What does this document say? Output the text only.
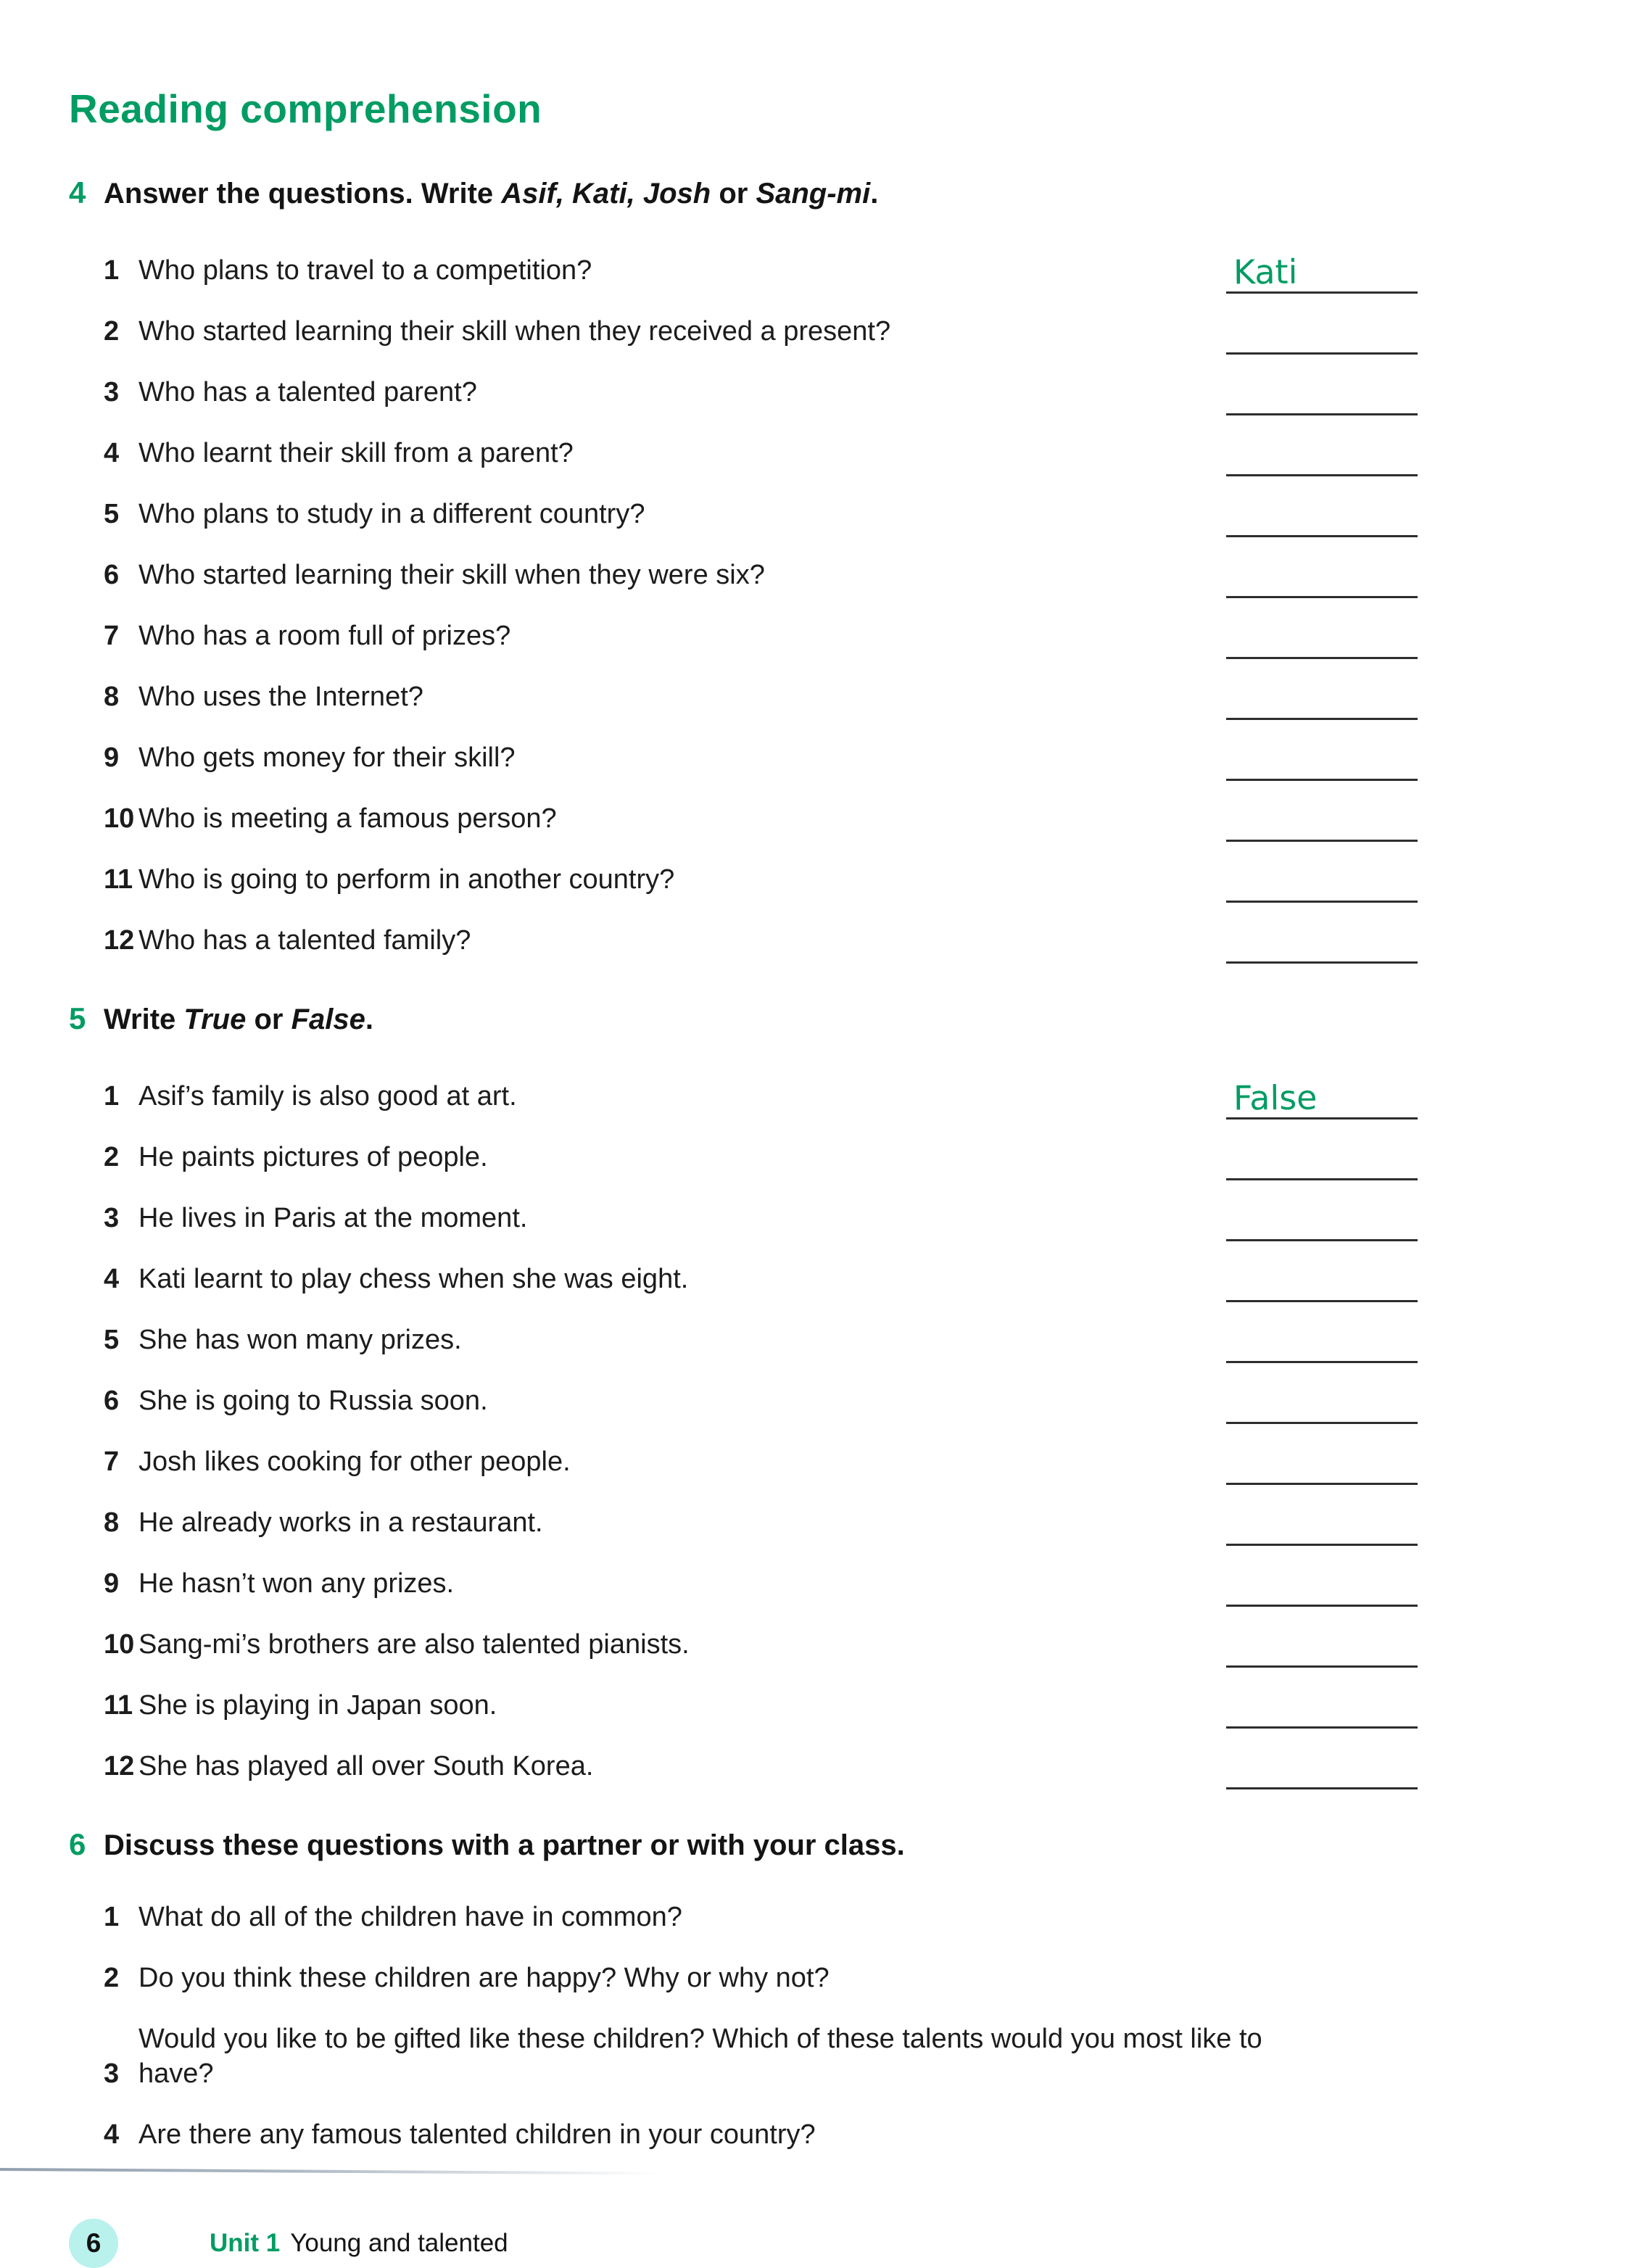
Reading comprehension
4 Answer the questions. Write Asif, Kati, Josh or Sang-mi.
1 Who plans to travel to a competition?	Kati
2 Who started learning their skill when they received a present?
3 Who has a talented parent?
4 Who learnt their skill from a parent?
5 Who plans to study in a different country?
6 Who started learning their skill when they were six?
7 Who has a room full of prizes?
8 Who uses the Internet?
9 Who gets money for their skill?
10 Who is meeting a famous person?
11 Who is going to perform in another country?
12 Who has a talented family?
5 Write True or False.
1 Asif’s family is also good at art.	False
2 He paints pictures of people.
3 He lives in Paris at the moment.
4 Kati learnt to play chess when she was eight.
5 She has won many prizes.
6 She is going to Russia soon.
7 Josh likes cooking for other people.
8 He already works in a restaurant.
9 He hasn’t won any prizes.
10 Sang-mi’s brothers are also talented pianists.
11 She is playing in Japan soon.
12 She has played all over South Korea.
6 Discuss these questions with a partner or with your class.
1 What do all of the children have in common?
2 Do you think these children are happy? Why or why not?
3
Would you like to be gifted like these children? Which of these talents would you most like to have?
4 Are there any famous talented children in your country?
6	Unit 1 Young and talented
